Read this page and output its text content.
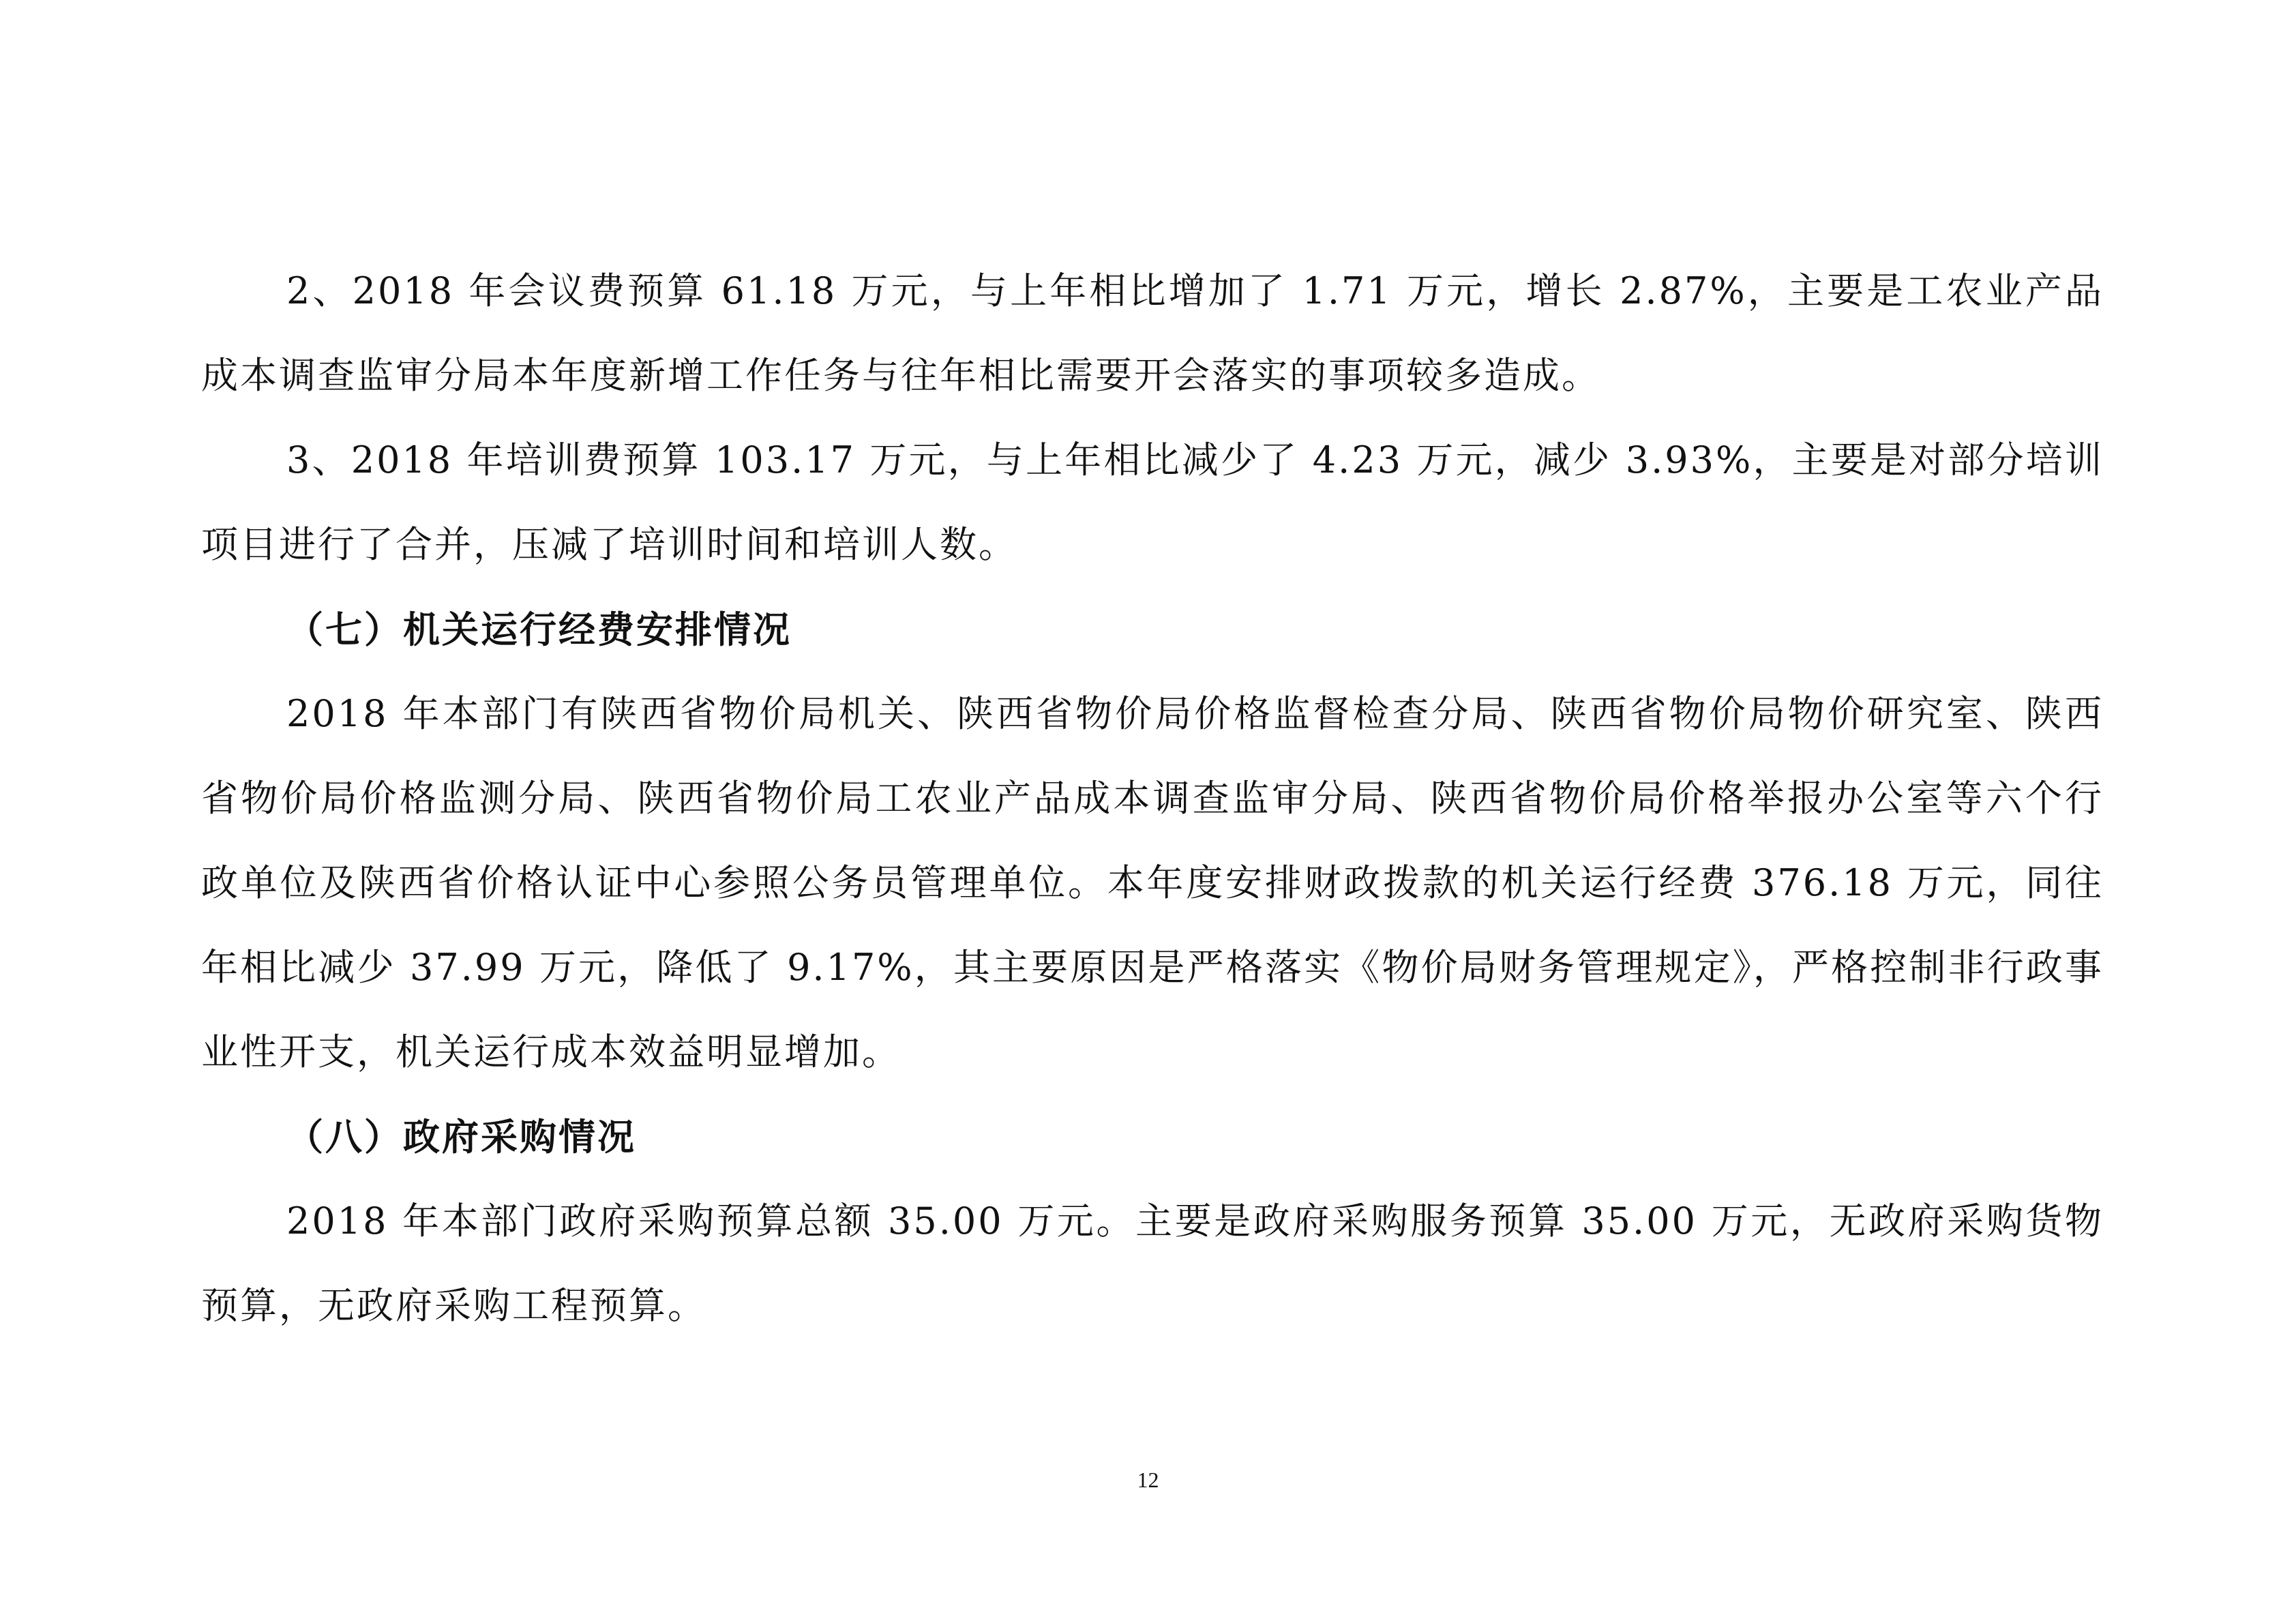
2、2018 年会议费预算 61.18 万元，与上年相比增加了 1.71 万元，增长 2.87%，主要是工农业产品成本调查监审分局本年度新增工作任务与往年相比需要开会落实的事项较多造成。

3、2018 年培训费预算 103.17 万元，与上年相比减少了 4.23 万元，减少 3.93%，主要是对部分培训项目进行了合并，压减了培训时间和培训人数。

（七）机关运行经费安排情况

2018 年本部门有陕西省物价局机关、陕西省物价局价格监督检查分局、陕西省物价局物价研究室、陕西省物价局价格监测分局、陕西省物价局工农业产品成本调查监审分局、陕西省物价局价格举报办公室等六个行政单位及陕西省价格认证中心参照公务员管理单位。本年度安排财政拨款的机关运行经费 376.18 万元，同往年相比减少 37.99 万元，降低了 9.17%，其主要原因是严格落实《物价局财务管理规定》，严格控制非行政事业性开支，机关运行成本效益明显增加。

（八）政府采购情况

2018 年本部门政府采购预算总额 35.00 万元。主要是政府采购服务预算 35.00 万元，无政府采购货物预算，无政府采购工程预算。

12
